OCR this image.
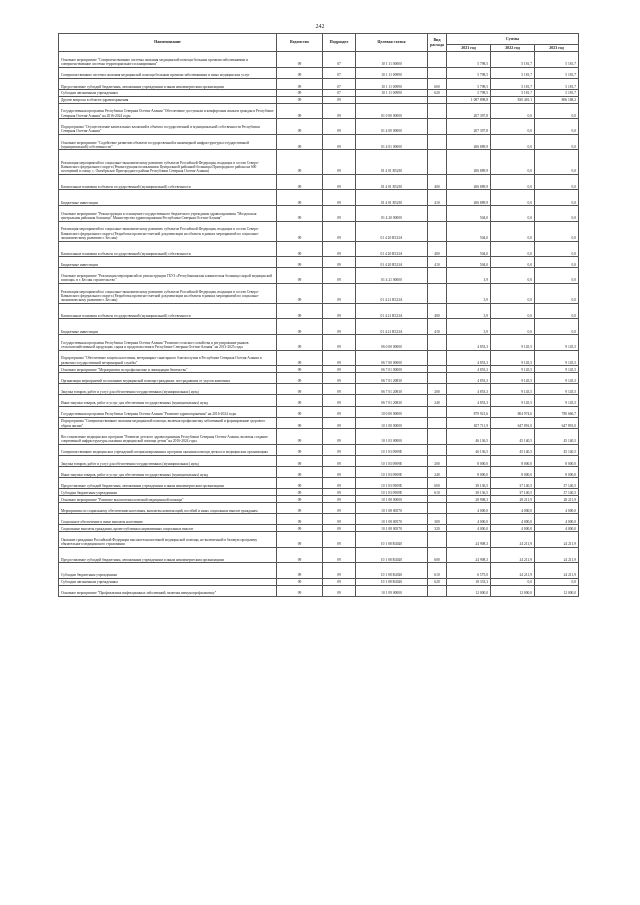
242
Наименование	Ведомство	Подраздел	Целевая статья	Вид расхода	Суммы		
					2021 год	2022 год	2023 год
Основное мероприятие "Совершенствование системы оказания медицинской помощи больным прочими заболеваниями и совершенствование системы территориального планирования"	09	07	10 1 11 00000		5 798,5	5 181,7	5 181,7
Совершенствование системы оказания медицинской помощи больным прочими заболеваниями и иных медицинских услуг	09	07	10 1 11 00990		5 798,5	5 181,7	5 181,7
Предоставление субсидий бюджетным, автономным учреждениям и иным некоммерческим организациям	09	07	10 1 11 00990	600	5 798,5	5 181,7	5 181,7
Субсидии автономным учреждениям	09	07	10 1 11 00990	620	5 798,5	5 181,7	5 181,7
Другие вопросы в области здравоохранения	09	09			1 087 898,8	830 481,1	806 168,2
Государственная программа Республики Северная Осетия-Алания "Обеспечение доступным и комфортным жильем граждан в Республике Северная Осетия-Алания" на 2016-2024 годы	09	09	01 0 00 00000		207 397,8	0,0	0,0
Подпрограмма "Осуществление капитальных вложений в объекты государственной и муниципальной собственности Республики Северная Осетия-Алания"	09	09	01 4 00 00000		207 397,8	0,0	0,0
Основное мероприятие "Содействие развитию объектов государственной и инженерной инфраструктуры государственной (муниципальной) собственности"	09	09	01 4 01 00000		206 889,9	0,0	0,0
Реализация мероприятий по социально-экономическому развитию субъектов Российской Федерации, входящих в состав Северо-Кавказского федерального округа (Реконструкция поликлиники Центральной районной больницы Пригородного района на 600 посещений в смену, с. Октябрьское Пригородного района Республики Северная Осетия-Алания)	09	09	01 4 01 R5230		206 889,9	0,0	0,0
Капитальные вложения в объекты государственной (муниципальной) собственности	09	09	01 4 01 R5230	400	206 889,9	0,0	0,0
Бюджетные инвестиции	09	09	01 4 01 R5230	410	206 889,9	0,0	0,0
Основное мероприятие "Реконструкция и оснащение государственного бюджетного учреждения здравоохранения "Моздокская центральная районная больница" Министерства здравоохранения Республики Северная Осетия-Алания"	09	09	01 4 20 00000		504,0	0,0	0,0
Реализация мероприятий по социально-экономическому развитию субъектов Российской Федерации, входящих в состав Северо-Кавказского федерального округа (Разработка проектно-сметной документации на объекты в рамках мероприятий по социально-экономическому развитию г. Беслан)	09	09	01 4 20 R523A		504,0	0,0	0,0
Капитальные вложения в объекты государственной (муниципальной) собственности	09	09	01 4 20 R523A	400	504,0	0,0	0,0
Бюджетные инвестиции	09	09	01 4 20 R523A	410	504,0	0,0	0,0
Основное мероприятие "Реализация мероприятий по реконструкции ГБУЗ «Республиканская клиническая больница скорой медицинской помощи» в г. Беслан строительство"	09	09	01 4 21 00000		3,9	0,0	0,0
Реализация мероприятий по социально-экономическому развитию субъектов Российской Федерации, входящих в состав Северо-Кавказского федерального округа (Разработка проектно-сметной документации на объекты в рамках мероприятий по социально-экономическому развитию г. Беслан)	09	09	01 4 21 R523A		3,9	0,0	0,0
Капитальные вложения в объекты государственной (муниципальной) собственности	09	09	01 4 21 R523A	400	3,9	0,0	0,0
Бюджетные инвестиции	09	09	01 4 21 R523A	410	3,9	0,0	0,0
Государственная программа Республики Северная Осетия-Алания "Развитие сельского хозяйства и регулирование рынков сельскохозяйственной продукции, сырья и продовольствия в Республике Северная Осетия-Алания" на 2013-2025 годы	09	09	06 0 00 00000		4 853,3	9 145,5	9 145,5
Подпрограмма "Обеспечение защиты населения, ветеринарно-санитарного благополучия в Республике Северная Осетия-Алания и развития государственной ветеринарной службы"	09	09	06 7 00 00000		4 853,3	9 145,5	9 145,5
Основное мероприятие "Мероприятия по профилактике и ликвидации бешенства"	09	09	06 7 01 00000		4 853,3	9 145,5	9 145,5
Организация мероприятий по оказанию медицинской помощи гражданам, пострадавшим от укусов животных	09	09	06 7 01 20830		4 853,3	9 145,5	9 145,5
Закупка товаров, работ и услуг для обеспечения государственных (муниципальных) нужд	09	09	06 7 01 20830	200	4 853,3	9 145,5	9 145,5
Иные закупки товаров, работ и услуг для обеспечения государственных (муниципальных) нужд	09	09	06 7 01 20830	240	4 853,3	9 145,5	9 145,5
Государственная программа Республики Северная Осетия-Алания "Развитие здравоохранения" на 2016-2024 годы	09	09	10 0 00 00000		879 921,6	804 974,6	780 666,7
Подпрограмма "Совершенствование оказания медицинской помощи, включая профилактику заболеваний и формирование здорового образа жизни"	09	09	10 1 00 00000		657 711,9	647 891,0	647 891,0
Восстановление медицинских программ "Развитие детского здравоохранения Республики Северная Осетия-Алания, включая создание современной инфраструктуры оказания медицинской помощи детям" на 2016-2024 годы	09	09	10 1 03 00000		46 136,5	45 140,5	45 140,5
Совершенствование медицинских учреждений специализированных программ оказания помощи детям и в медицинских организациях	09	09	10 1 03 0909E		46 136,5	45 140,5	45 140,5
Закупка товаров, работ и услуг для обеспечения государственных (муниципальных) нужд	09	09	10 1 03 0909E	200	8 000,0	8 000,0	8 000,0
Иные закупки товаров, работ и услуг для обеспечения государственных (муниципальных) нужд	09	09	10 1 03 0909E	240	8 000,0	8 000,0	8 000,0
Предоставление субсидий бюджетным, автономным учреждениям и иным некоммерческим организациям	09	09	10 1 03 0909E	600	38 136,5	37 140,5	37 140,5
Субсидии бюджетным учреждениям	09	09	10 1 03 0909E	610	38 136,5	37 140,5	37 140,5
Основное мероприятие "Развитие высокотехнологичной медицинской помощи"	09	09	10 1 08 00000		28 908,3	28 211,9	28 211,9
Мероприятия по социальному обеспечению населения, выплатам компенсаций, пособий и иных социальных выплат гражданам	09	09	10 1 08 00570		4 000,0	4 000,0	4 000,0
Социальное обеспечение и иные выплаты населению	09	09	10 1 08 00570	300	4 000,0	4 000,0	4 000,0
Социальные выплаты гражданам, кроме публичных нормативных социальных выплат	09	09	10 1 08 00570	320	4 000,0	4 000,0	4 000,0
Оказание гражданам Российской Федерации высокотехнологичной медицинской помощи, не включенной в базовую программу обязательного медицинского страхования	09	09	10 1 08 R4020		24 908,3	24 211,9	24 211,9
Предоставление субсидий бюджетным, автономным учреждениям и иным некоммерческим организациям	09	09	10 1 08 R4020	600	24 908,3	24 211,9	24 211,9
Субсидии бюджетным учреждениям	09	09	10 1 08 R4020	610	6 575,0	24 211,9	24 211,9
Субсидии автономным учреждениям	09	09	10 1 08 R4020	620	18 333,3	0,0	0,0
Основное мероприятие "Профилактика инфекционных заболеваний, включая иммунопрофилактику"	09	09	10 1 09 00000		12 000,0	12 000,0	12 000,0
